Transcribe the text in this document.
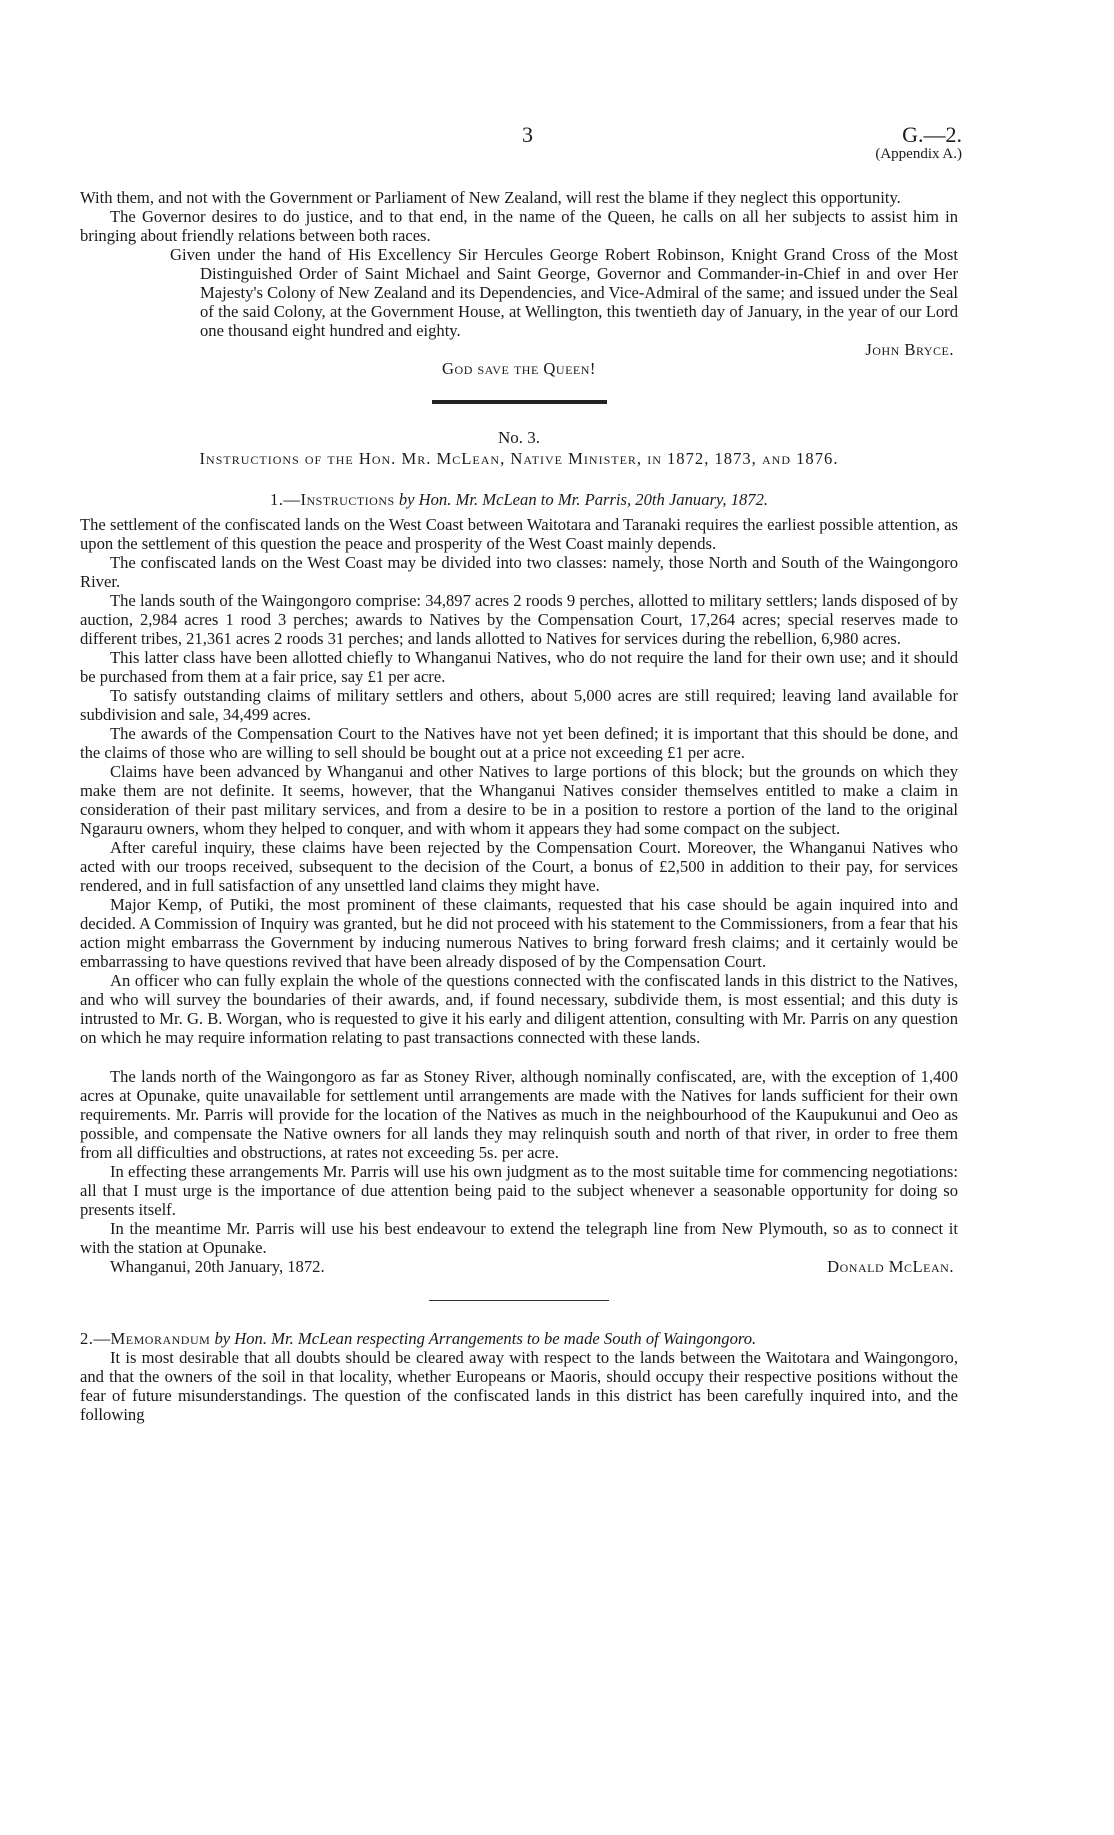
3	G.—2.
(Appendix A.)

With them, and not with the Government or Parliament of New Zealand, will rest the blame if they neglect this opportunity.

The Governor desires to do justice, and to that end, in the name of the Queen, he calls on all her subjects to assist him in bringing about friendly relations between both races.

Given under the hand of His Excellency Sir Hercules George Robert Robinson, Knight Grand Cross of the Most Distinguished Order of Saint Michael and Saint George, Governor and Commander-in-Chief in and over Her Majesty's Colony of New Zealand and its Dependencies, and Vice-Admiral of the same; and issued under the Seal of the said Colony, at the Government House, at Wellington, this twentieth day of January, in the year of our Lord one thousand eight hundred and eighty.

John Bryce.

God save the Queen!

No. 3.
Instructions of the Hon. Mr. McLean, Native Minister, in 1872, 1873, and 1876.
1.—Instructions by Hon. Mr. McLean to Mr. Parris, 20th January, 1872.

The settlement of the confiscated lands on the West Coast between Waitotara and Taranaki requires the earliest possible attention, as upon the settlement of this question the peace and prosperity of the West Coast mainly depends.

The confiscated lands on the West Coast may be divided into two classes: namely, those North and South of the Waingongoro River.

The lands south of the Waingongoro comprise: 34,897 acres 2 roods 9 perches, allotted to military settlers; lands disposed of by auction, 2,984 acres 1 rood 3 perches; awards to Natives by the Compensation Court, 17,264 acres; special reserves made to different tribes, 21,361 acres 2 roods 31 perches; and lands allotted to Natives for services during the rebellion, 6,980 acres.

This latter class have been allotted chiefly to Whanganui Natives, who do not require the land for their own use; and it should be purchased from them at a fair price, say £1 per acre.

To satisfy outstanding claims of military settlers and others, about 5,000 acres are still required; leaving land available for subdivision and sale, 34,499 acres.

The awards of the Compensation Court to the Natives have not yet been defined; it is important that this should be done, and the claims of those who are willing to sell should be bought out at a price not exceeding £1 per acre.

Claims have been advanced by Whanganui and other Natives to large portions of this block; but the grounds on which they make them are not definite. It seems, however, that the Whanganui Natives consider themselves entitled to make a claim in consideration of their past military services, and from a desire to be in a position to restore a portion of the land to the original Ngarauru owners, whom they helped to conquer, and with whom it appears they had some compact on the subject.

After careful inquiry, these claims have been rejected by the Compensation Court. Moreover, the Whanganui Natives who acted with our troops received, subsequent to the decision of the Court, a bonus of £2,500 in addition to their pay, for services rendered, and in full satisfaction of any unsettled land claims they might have.

Major Kemp, of Putiki, the most prominent of these claimants, requested that his case should be again inquired into and decided. A Commission of Inquiry was granted, but he did not proceed with his statement to the Commissioners, from a fear that his action might embarrass the Government by inducing numerous Natives to bring forward fresh claims; and it certainly would be embarrassing to have questions revived that have been already disposed of by the Compensation Court.

An officer who can fully explain the whole of the questions connected with the confiscated lands in this district to the Natives, and who will survey the boundaries of their awards, and, if found necessary, subdivide them, is most essential; and this duty is intrusted to Mr. G. B. Worgan, who is requested to give it his early and diligent attention, consulting with Mr. Parris on any question on which he may require information relating to past transactions connected with these lands.

The lands north of the Waingongoro as far as Stoney River, although nominally confiscated, are, with the exception of 1,400 acres at Opunake, quite unavailable for settlement until arrangements are made with the Natives for lands sufficient for their own requirements. Mr. Parris will provide for the location of the Natives as much in the neighbourhood of the Kaupukunui and Oeo as possible, and compensate the Native owners for all lands they may relinquish south and north of that river, in order to free them from all difficulties and obstructions, at rates not exceeding 5s. per acre.

In effecting these arrangements Mr. Parris will use his own judgment as to the most suitable time for commencing negotiations: all that I must urge is the importance of due attention being paid to the subject whenever a seasonable opportunity for doing so presents itself.

In the meantime Mr. Parris will use his best endeavour to extend the telegraph line from New Plymouth, so as to connect it with the station at Opunake.

Whanganui, 20th January, 1872.	Donald McLean.
2.—Memorandum by Hon. Mr. McLean respecting Arrangements to be made South of Waingongoro.

It is most desirable that all doubts should be cleared away with respect to the lands between the Waitotara and Waingongoro, and that the owners of the soil in that locality, whether Europeans or Maoris, should occupy their respective positions without the fear of future misunderstandings. The question of the confiscated lands in this district has been carefully inquired into, and the following
